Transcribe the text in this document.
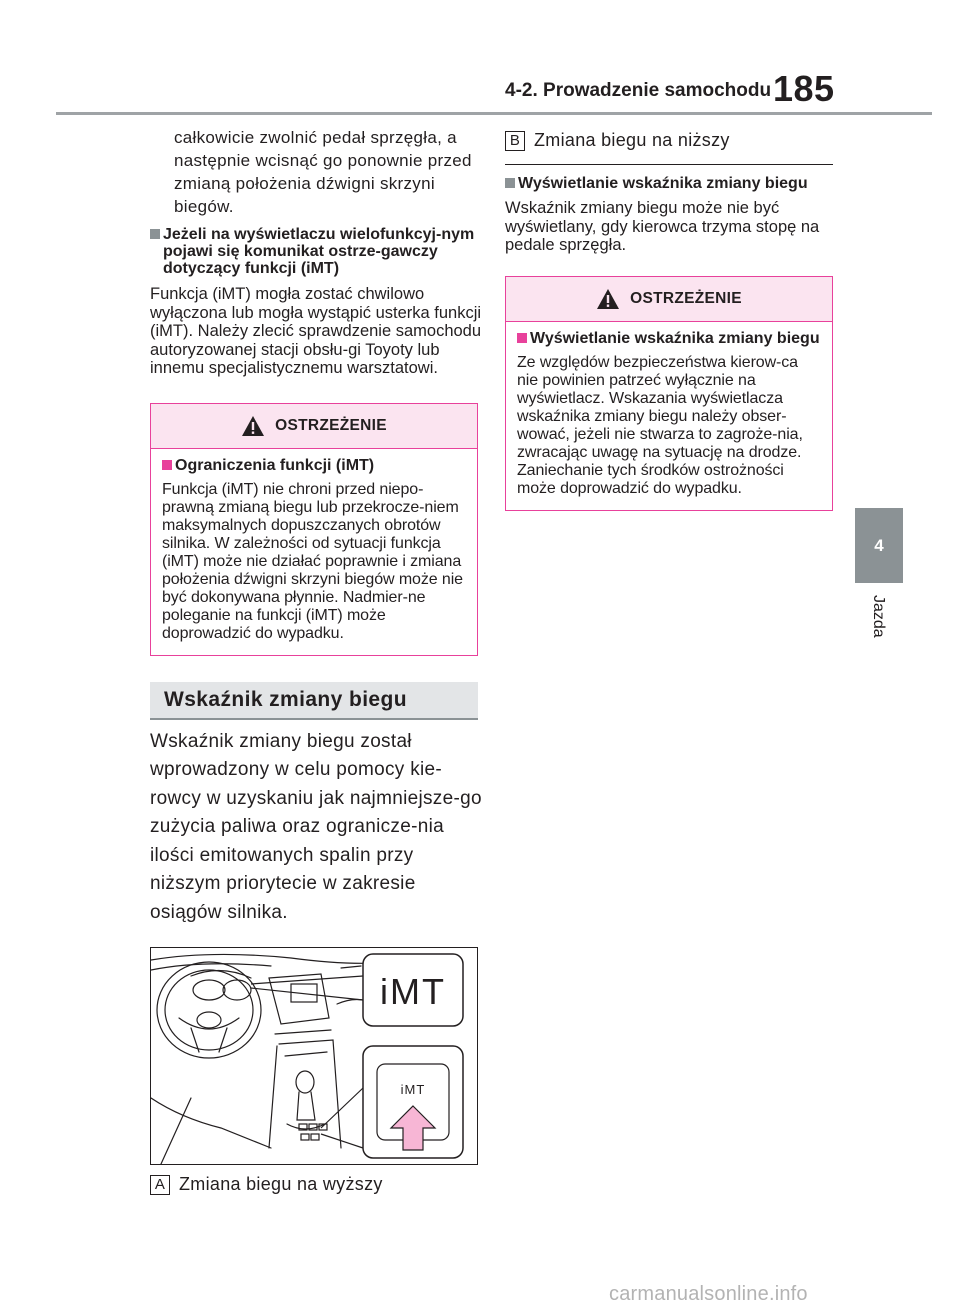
4-2. Prowadzenie samochodu 185
4
Jazda
całkowicie zwolnić pedał sprzęgła, a następnie wcisnąć go ponownie przed zmianą położenia dźwigni skrzyni biegów.
Jeżeli na wyświetlaczu wielofunkcyj-nym pojawi się komunikat ostrze-gawczy dotyczący funkcji (iMT)
Funkcja (iMT) mogła zostać chwilowo wyłączona lub mogła wystąpić usterka funkcji (iMT). Należy zlecić sprawdzenie samochodu autoryzowanej stacji obsłu-gi Toyoty lub innemu specjalistycznemu warsztatowi.
OSTRZEŻENIE
Ograniczenia funkcji (iMT)
Funkcja (iMT) nie chroni przed niepo-prawną zmianą biegu lub przekrocze-niem maksymalnych dopuszczanych obrotów silnika. W zależności od sytuacji funkcja (iMT) może nie działać poprawnie i zmiana położenia dźwigni skrzyni biegów może nie być dokonywana płynnie. Nadmier-ne poleganie na funkcji (iMT) może doprowadzić do wypadku.
Wskaźnik zmiany biegu
Wskaźnik zmiany biegu został wprowadzony w celu pomocy kie-rowcy w uzyskaniu jak najmniejsze-go zużycia paliwa oraz ogranicze-nia ilości emitowanych spalin przy niższym priorytecie w zakresie osiągów silnika.
iMT
iMT
A Zmiana biegu na wyższy
B Zmiana biegu na niższy
Wyświetlanie wskaźnika zmiany biegu
Wskaźnik zmiany biegu może nie być wyświetlany, gdy kierowca trzyma stopę na pedale sprzęgła.
OSTRZEŻENIE
Wyświetlanie wskaźnika zmiany biegu
Ze względów bezpieczeństwa kierow-ca nie powinien patrzeć wyłącznie na wyświetlacz. Wskazania wyświetlacza wskaźnika zmiany biegu należy obser-wować, jeżeli nie stwarza to zagroże-nia, zwracając uwagę na sytuację na drodze. Zaniechanie tych środków ostrożności może doprowadzić do wypadku.
carmanualsonline.info
